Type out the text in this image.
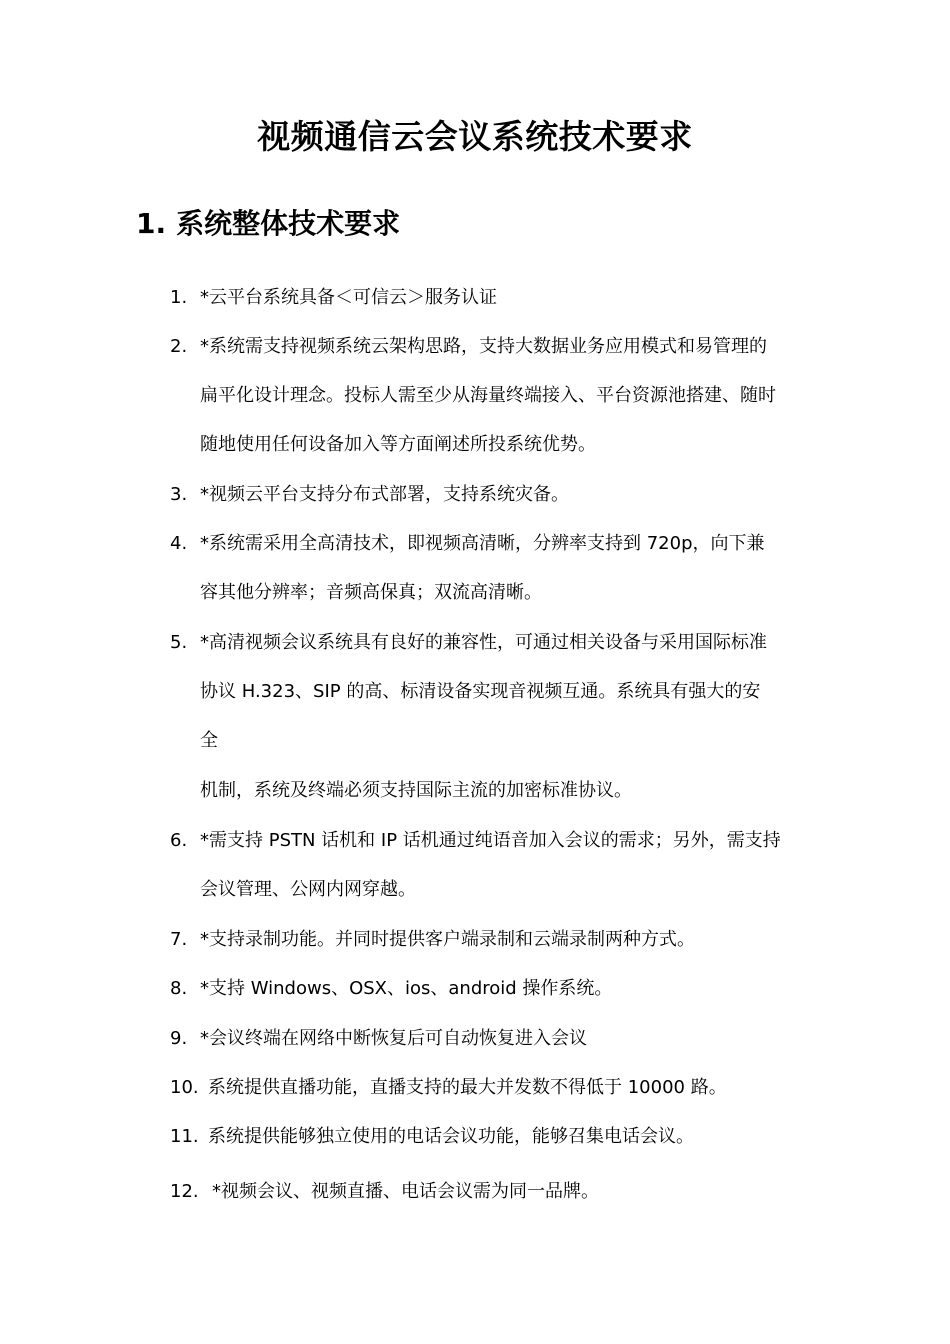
视频通信云会议系统技术要求
1. 系统整体技术要求
1. *云平台系统具备＜可信云＞服务认证
2. *系统需支持视频系统云架构思路，支持大数据业务应用模式和易管理的
扁平化设计理念。投标人需至少从海量终端接入、平台资源池搭建、随时
随地使用任何设备加入等方面阐述所投系统优势。
3. *视频云平台支持分布式部署，支持系统灾备。
4. *系统需采用全高清技术，即视频高清晰，分辨率支持到 720p，向下兼
容其他分辨率；音频高保真；双流高清晰。
5. *高清视频会议系统具有良好的兼容性，可通过相关设备与采用国际标准
协议 H.323、SIP 的高、标清设备实现音视频互通。系统具有强大的安
全
机制，系统及终端必须支持国际主流的加密标准协议。
6. *需支持 PSTN 话机和 IP 话机通过纯语音加入会议的需求；另外，需支持
会议管理、公网内网穿越。
7. *支持录制功能。并同时提供客户端录制和云端录制两种方式。
8. *支持 Windows、OSX、ios、android 操作系统。
9. *会议终端在网络中断恢复后可自动恢复进入会议
10. 系统提供直播功能，直播支持的最大并发数不得低于 10000 路。
11. 系统提供能够独立使用的电话会议功能，能够召集电话会议。
12. *视频会议、视频直播、电话会议需为同一品牌。
